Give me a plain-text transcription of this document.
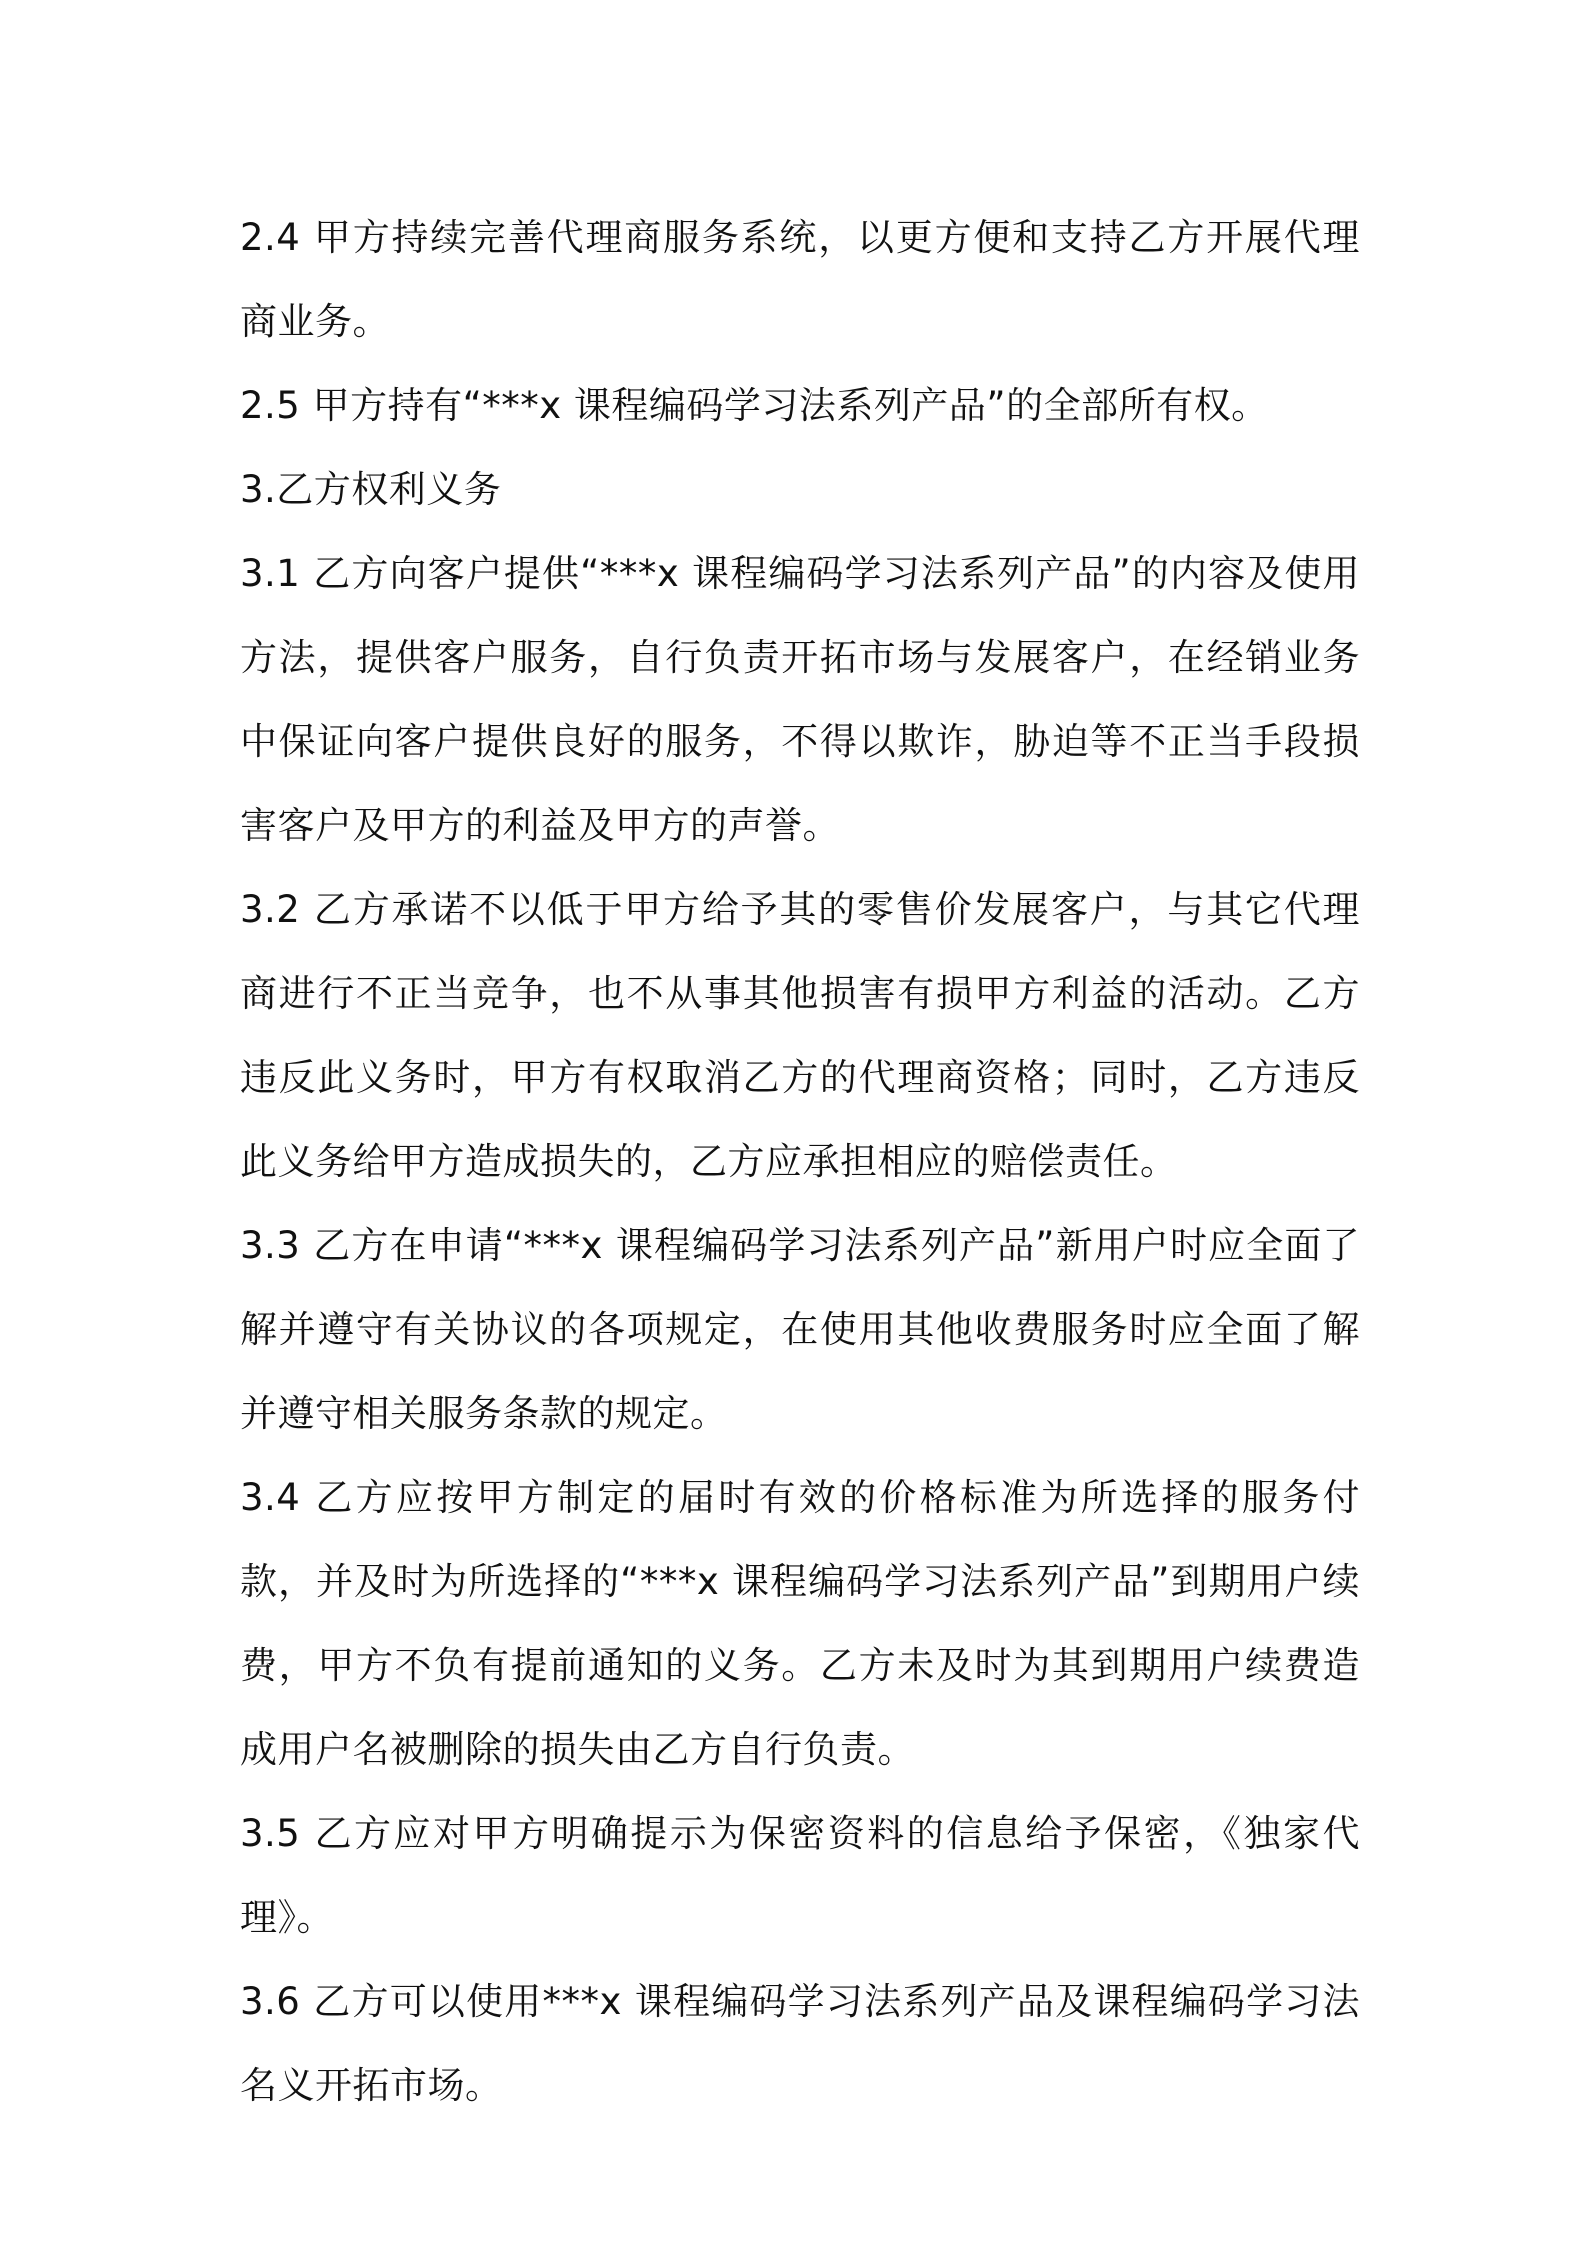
2.4 甲方持续完善代理商服务系统，以更方便和支持乙方开展代理商业务。

2.5 甲方持有“***x 课程编码学习法系列产品”的全部所有权。

3.乙方权利义务

3.1 乙方向客户提供“***x 课程编码学习法系列产品”的内容及使用方法，提供客户服务，自行负责开拓市场与发展客户，在经销业务中保证向客户提供良好的服务，不得以欺诈，胁迫等不正当手段损害客户及甲方的利益及甲方的声誉。

3.2 乙方承诺不以低于甲方给予其的零售价发展客户，与其它代理商进行不正当竞争，也不从事其他损害有损甲方利益的活动。乙方违反此义务时，甲方有权取消乙方的代理商资格；同时，乙方违反此义务给甲方造成损失的，乙方应承担相应的赔偿责任。

3.3 乙方在申请“***x 课程编码学习法系列产品”新用户时应全面了解并遵守有关协议的各项规定，在使用其他收费服务时应全面了解并遵守相关服务条款的规定。

3.4 乙方应按甲方制定的届时有效的价格标准为所选择的服务付款，并及时为所选择的“***x 课程编码学习法系列产品”到期用户续费，甲方不负有提前通知的义务。乙方未及时为其到期用户续费造成用户名被删除的损失由乙方自行负责。

3.5 乙方应对甲方明确提示为保密资料的信息给予保密，《独家代理》。

3.6 乙方可以使用***x 课程编码学习法系列产品及课程编码学习法名义开拓市场。
